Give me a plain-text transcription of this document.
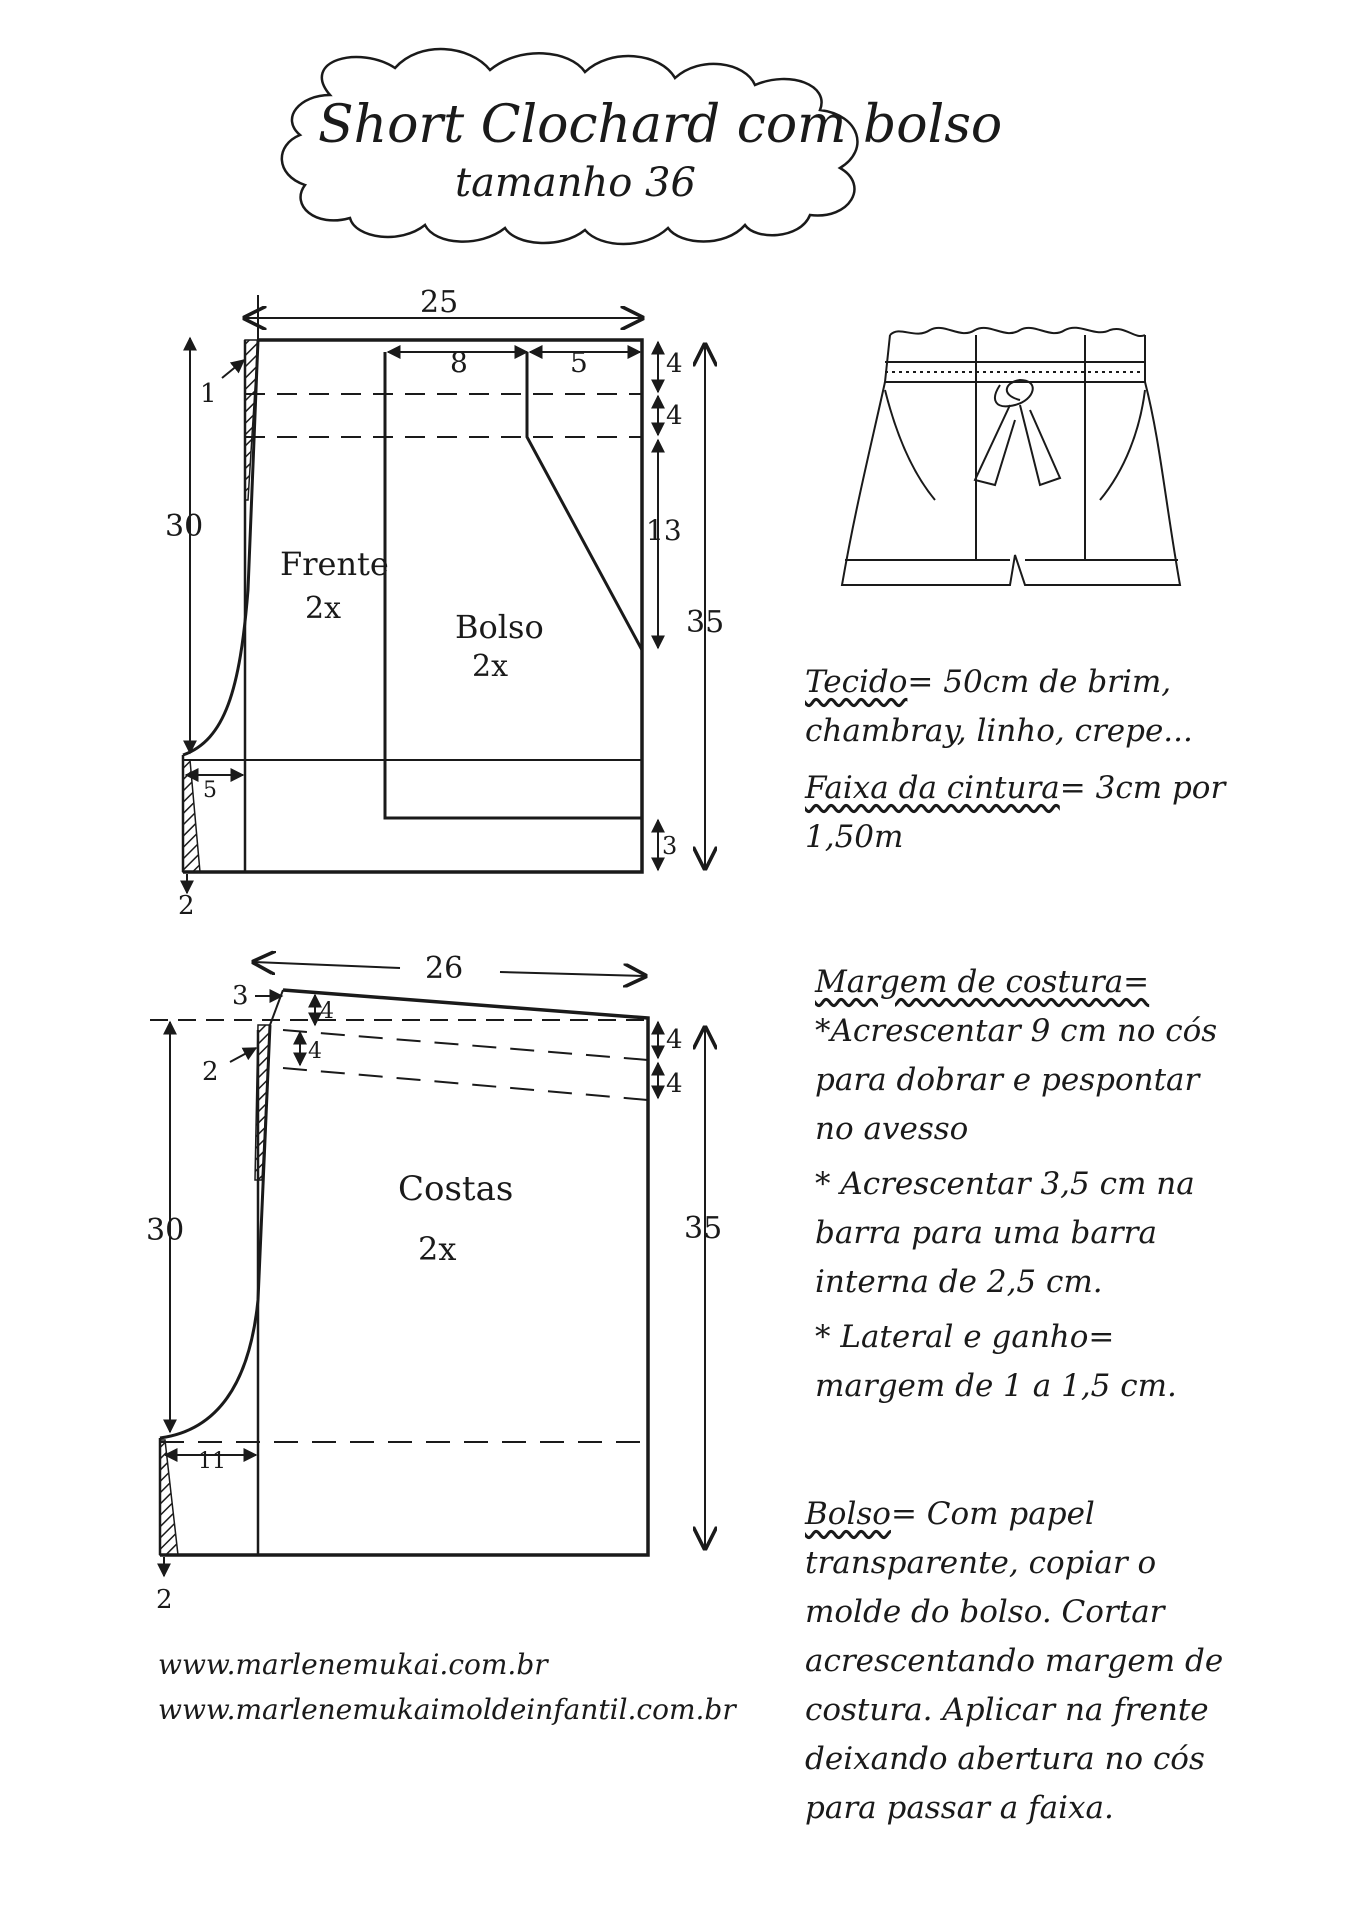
Short Clochard com bolso
tamanho 36
25
8	5	4
4
13
35
30
5
3
1
2
Frente
2x	Bolso
2x
26
3
2
4
4	4
4
35
30
11
2
Costas
2x

Tecido= 50cm de brim, chambray, linho, crepe...

Faixa da cintura= 3cm por 1,50m

Margem de costura=

*Acrescentar 9 cm no cós para dobrar e pespontar no avesso

* Acrescentar 3,5 cm na barra para uma barra interna de 2,5 cm.

* Lateral e ganho= margem de 1 a 1,5 cm.

Bolso= Com papel transparente, copiar o molde do bolso. Cortar acrescentando margem de costura. Aplicar na frente deixando abertura no cós para passar a faixa.

www.marlenemukai.com.br
www.marlenemukaimoldeinfantil.com.br
